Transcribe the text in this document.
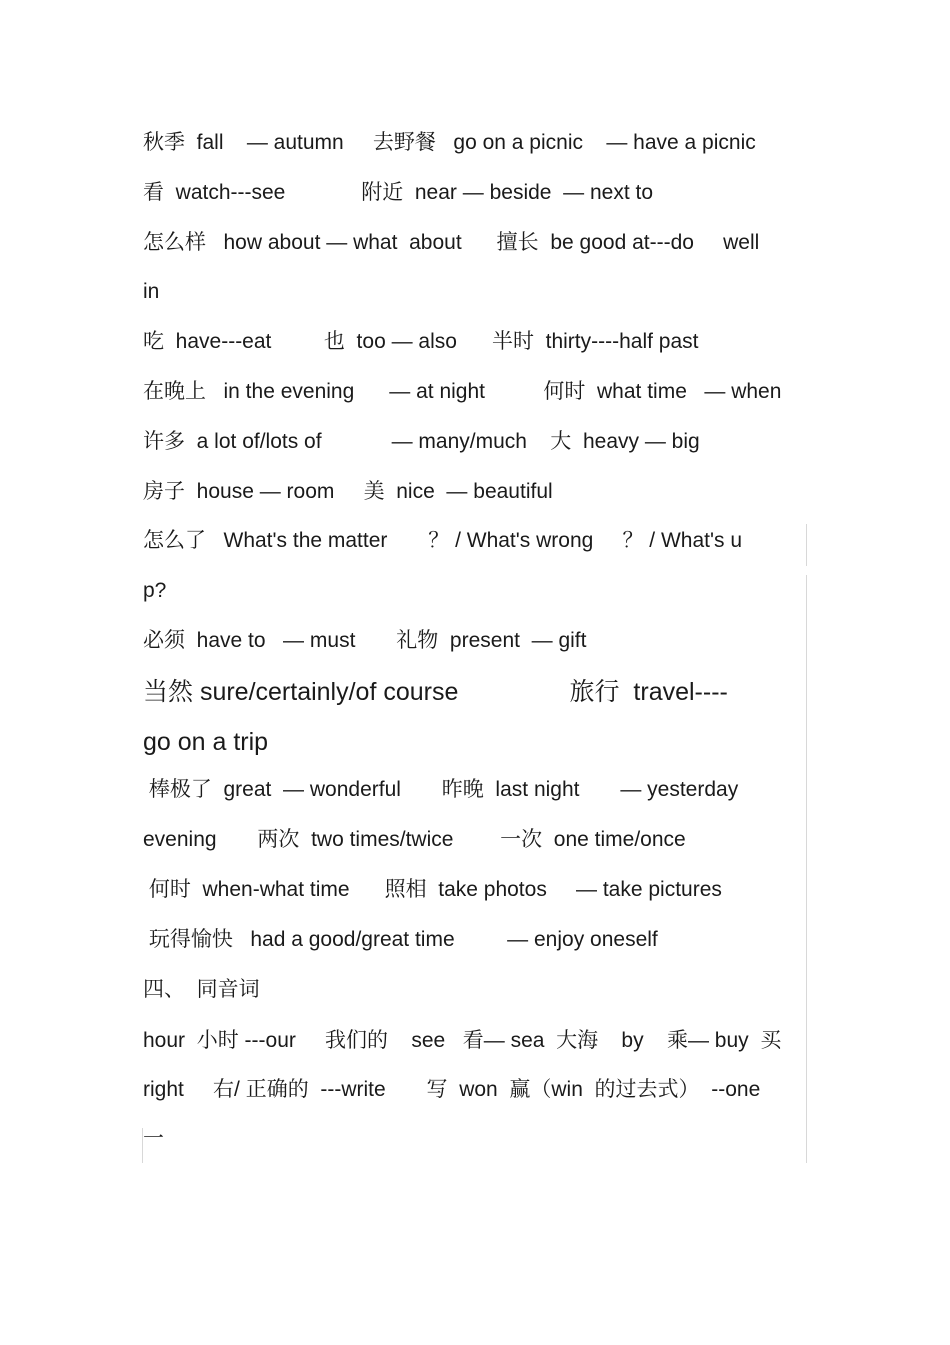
秋季  fall    — autumn     去野餐   go on a picnic    — have a picnic
看  watch---see             附近  near — beside  — next to
怎么样   how about — what  about      擅长  be good at---do     well
in
吃  have---eat         也  too — also      半时  thirty----half past
在晚上   in the evening      — at night          何时  what time   — when
许多  a lot of/lots of            — many/much    大  heavy — big
房子  house — room     美  nice  — beautiful
怎么了   What's the matter       ？ / What's wrong     ？ / What's u
p?
必须  have to   — must       礼物  present  — gift
当然 sure/certainly/of course                旅行  travel----
go on a trip
棒极了  great  — wonderful       昨晚  last night       — yesterday
evening       两次  two times/twice        一次  one time/once
何时  when-what time      照相  take photos     — take pictures
玩得愉快   had a good/great time         — enjoy oneself
四、  同音词
hour  小时 ---our     我们的    see   看— sea  大海    by    乘— buy  买
right     右/ 正确的  ---write       写  won  赢（win  的过去式）  --one
一
